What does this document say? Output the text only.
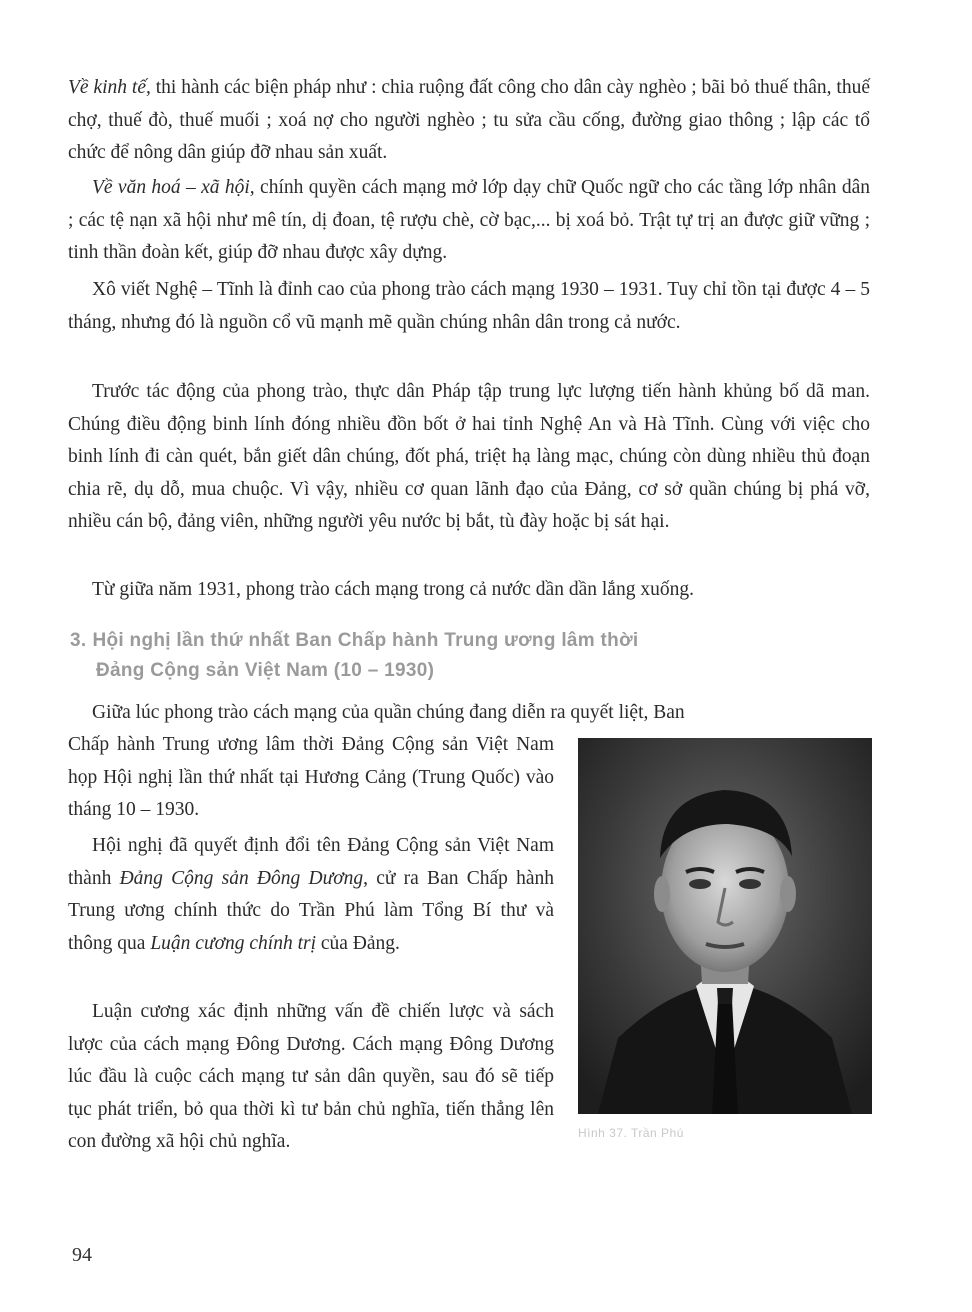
Về kinh tế, thi hành các biện pháp như : chia ruộng đất công cho dân cày nghèo ; bãi bỏ thuế thân, thuế chợ, thuế đò, thuế muối ; xoá nợ cho người nghèo ; tu sửa cầu cống, đường giao thông ; lập các tổ chức để nông dân giúp đỡ nhau sản xuất.

Về văn hoá – xã hội, chính quyền cách mạng mở lớp dạy chữ Quốc ngữ cho các tầng lớp nhân dân ; các tệ nạn xã hội như mê tín, dị đoan, tệ rượu chè, cờ bạc,... bị xoá bỏ. Trật tự trị an được giữ vững ; tinh thần đoàn kết, giúp đỡ nhau được xây dựng.

Xô viết Nghệ – Tĩnh là đỉnh cao của phong trào cách mạng 1930 – 1931. Tuy chỉ tồn tại được 4 – 5 tháng, nhưng đó là nguồn cổ vũ mạnh mẽ quần chúng nhân dân trong cả nước.

Trước tác động của phong trào, thực dân Pháp tập trung lực lượng tiến hành khủng bố dã man. Chúng điều động binh lính đóng nhiều đồn bốt ở hai tỉnh Nghệ An và Hà Tĩnh. Cùng với việc cho binh lính đi càn quét, bắn giết dân chúng, đốt phá, triệt hạ làng mạc, chúng còn dùng nhiều thủ đoạn chia rẽ, dụ dỗ, mua chuộc. Vì vậy, nhiều cơ quan lãnh đạo của Đảng, cơ sở quần chúng bị phá vỡ, nhiều cán bộ, đảng viên, những người yêu nước bị bắt, tù đày hoặc bị sát hại.

Từ giữa năm 1931, phong trào cách mạng trong cả nước dần dần lắng xuống.

3. Hội nghị lần thứ nhất Ban Chấp hành Trung ương lâm thời
Đảng Cộng sản Việt Nam (10 – 1930)

Giữa lúc phong trào cách mạng của quần chúng đang diễn ra quyết liệt, Ban

Chấp hành Trung ương lâm thời Đảng Cộng sản Việt Nam họp Hội nghị lần thứ nhất tại Hương Cảng (Trung Quốc) vào tháng 10 – 1930.

Hội nghị đã quyết định đổi tên Đảng Cộng sản Việt Nam thành Đảng Cộng sản Đông Dương, cử ra Ban Chấp hành Trung ương chính thức do Trần Phú làm Tổng Bí thư và thông qua Luận cương chính trị của Đảng.

Luận cương xác định những vấn đề chiến lược và sách lược của cách mạng Đông Dương. Cách mạng Đông Dương lúc đầu là cuộc cách mạng tư sản dân quyền, sau đó sẽ tiếp tục phát triển, bỏ qua thời kì tư bản chủ nghĩa, tiến thẳng lên con đường xã hội chủ nghĩa.	Hình 37. Trần Phú
94
